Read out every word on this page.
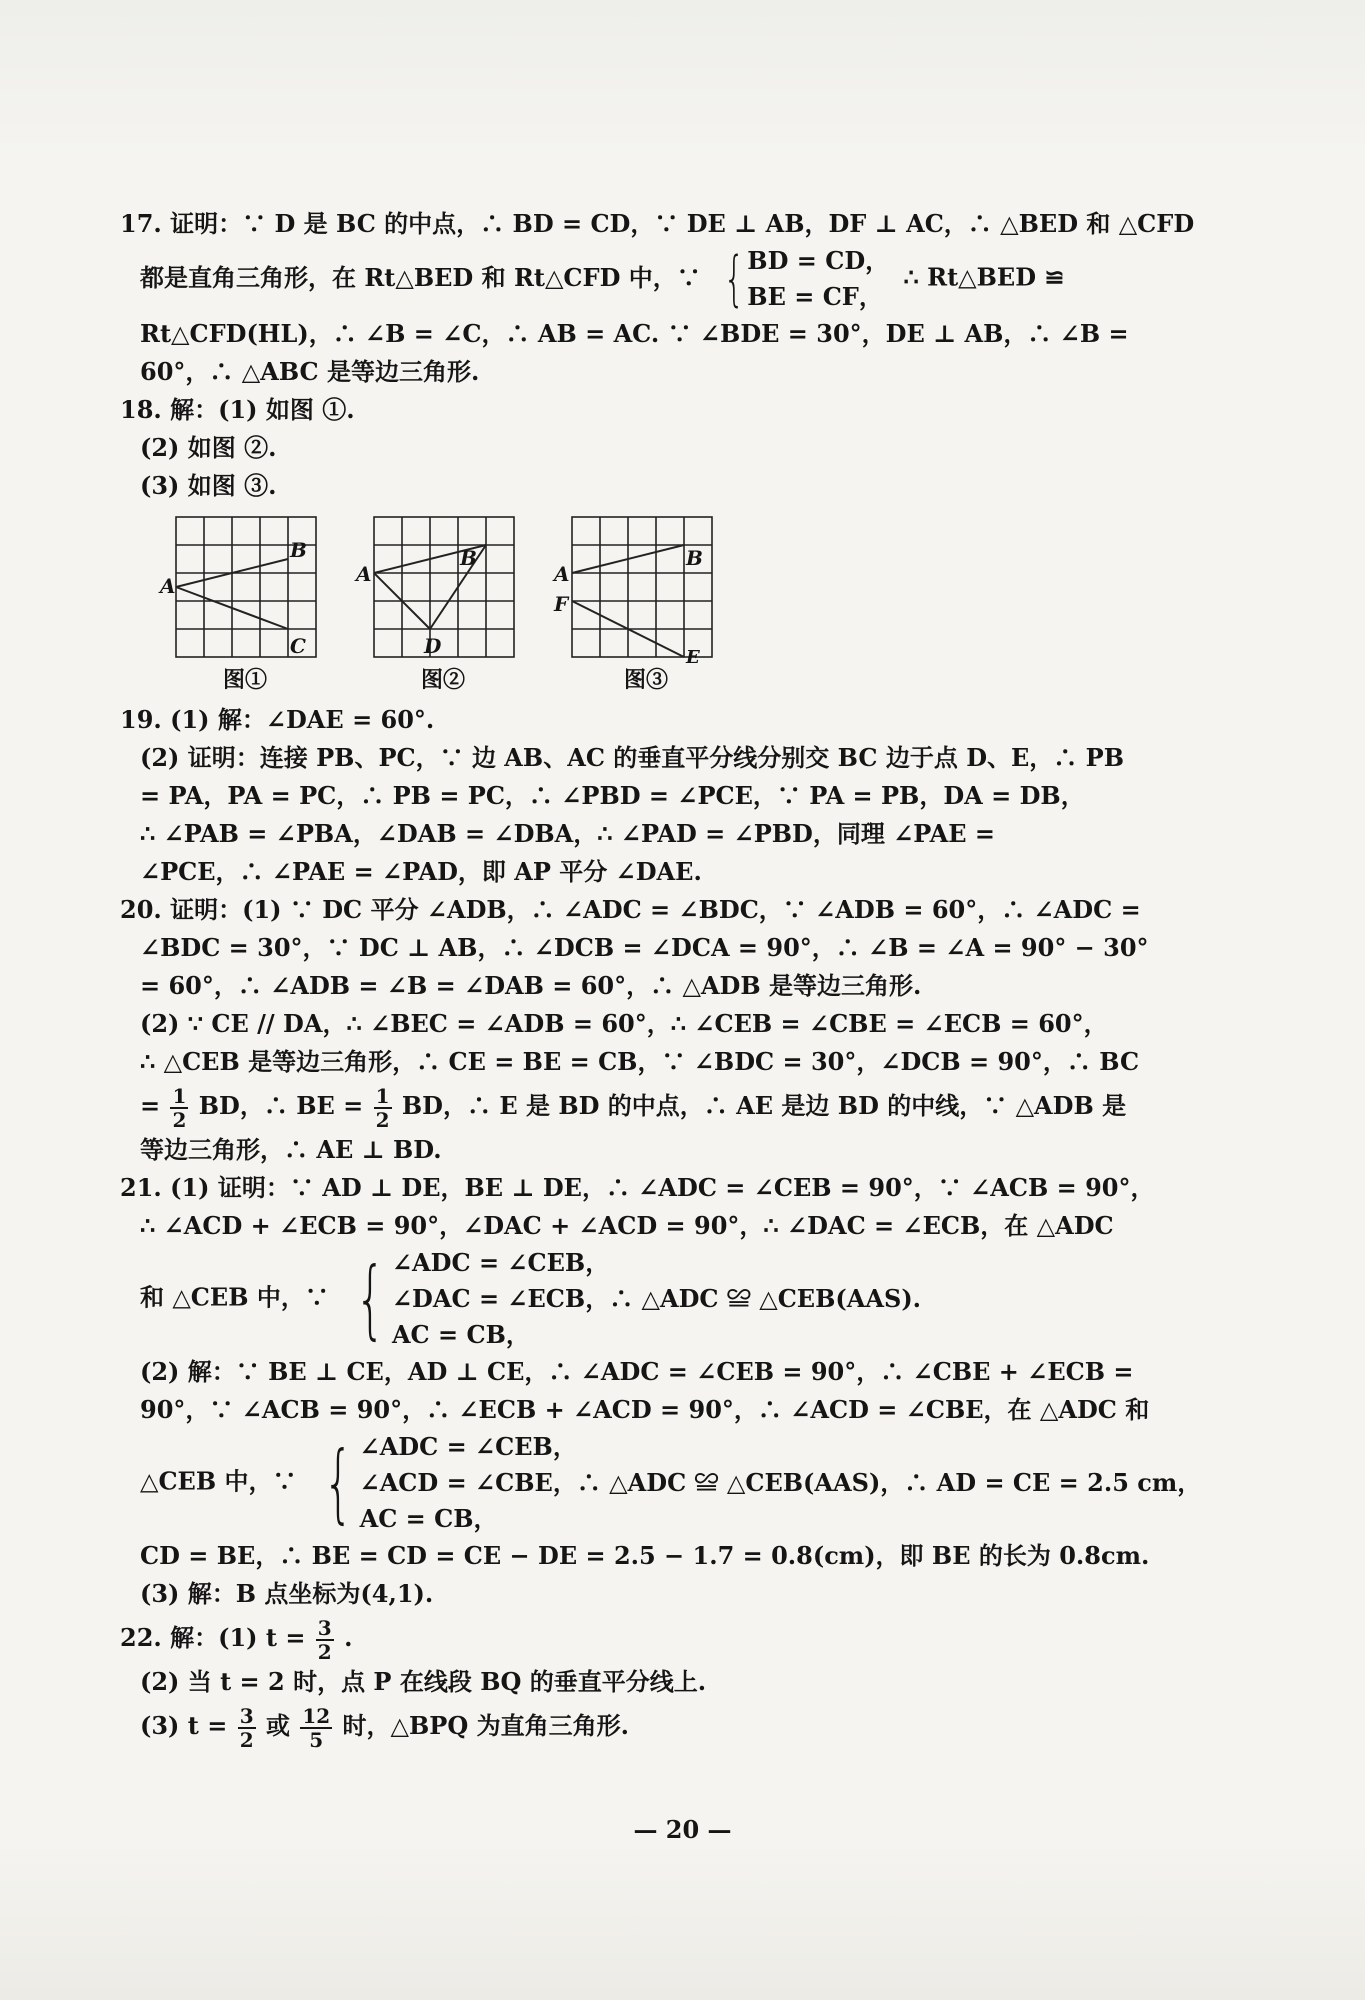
17. 证明：∵ D 是 BC 的中点，∴ BD = CD，∵ DE ⊥ AB，DF ⊥ AC，∴ △BED 和 △CFD
都是直角三角形，在 Rt△BED 和 Rt△CFD 中，∵ { BD = CD，
BE = CF，
∴ Rt△BED ≌
Rt△CFD(HL)，∴ ∠B = ∠C，∴ AB = AC. ∵ ∠BDE = 30°，DE ⊥ AB，∴ ∠B =
60°，∴ △ABC 是等边三角形.
18. 解：(1) 如图 ①.
(2) 如图 ②.
(3) 如图 ③.
A
B
C
图①
A
B
D
图②
A
B
F
E
图③
19. (1) 解：∠DAE = 60°.
(2) 证明：连接 PB、PC，∵ 边 AB、AC 的垂直平分线分别交 BC 边于点 D、E，∴ PB
= PA，PA = PC，∴ PB = PC，∴ ∠PBD = ∠PCE，∵ PA = PB，DA = DB，
∴ ∠PAB = ∠PBA，∠DAB = ∠DBA，∴ ∠PAD = ∠PBD，同理 ∠PAE =
∠PCE，∴ ∠PAE = ∠PAD，即 AP 平分 ∠DAE.
20. 证明：(1) ∵ DC 平分 ∠ADB，∴ ∠ADC = ∠BDC，∵ ∠ADB = 60°，∴ ∠ADC =
∠BDC = 30°，∵ DC ⊥ AB，∴ ∠DCB = ∠DCA = 90°，∴ ∠B = ∠A = 90° − 30°
= 60°，∴ ∠ADB = ∠B = ∠DAB = 60°，∴ △ADB 是等边三角形.
(2) ∵ CE // DA，∴ ∠BEC = ∠ADB = 60°，∴ ∠CEB = ∠CBE = ∠ECB = 60°，
∴ △CEB 是等边三角形，∴ CE = BE = CB，∵ ∠BDC = 30°，∠DCB = 90°，∴ BC
= $\frac{1}{2}$ BD，∴ BE = $\frac{1}{2}$ BD，∴ E 是 BD 的中点，∴ AE 是边 BD 的中线，∵ △ADB 是
等边三角形，∴ AE ⊥ BD.
21. (1) 证明：∵ AD ⊥ DE，BE ⊥ DE，∴ ∠ADC = ∠CEB = 90°，∵ ∠ACB = 90°，
∴ ∠ACD + ∠ECB = 90°，∠DAC + ∠ACD = 90°，∴ ∠DAC = ∠ECB，在 △ADC
和 △CEB 中，∵ { ∠ADC = ∠CEB，
∠DAC = ∠ECB，∴ △ADC ≌ △CEB(AAS).
AC = CB，
(2) 解：∵ BE ⊥ CE，AD ⊥ CE，∴ ∠ADC = ∠CEB = 90°，∴ ∠CBE + ∠ECB =
90°，∵ ∠ACB = 90°，∴ ∠ECB + ∠ACD = 90°，∴ ∠ACD = ∠CBE，在 △ADC 和
△CEB 中，∵ { ∠ADC = ∠CEB，
∠ACD = ∠CBE，∴ △ADC ≌ △CEB(AAS)，∴ AD = CE = 2.5 cm，
AC = CB，
CD = BE，∴ BE = CD = CE − DE = 2.5 − 1.7 = 0.8(cm)，即 BE 的长为 0.8cm.
(3) 解：B 点坐标为(4,1).
22. 解：(1) $t = \frac{3}{2}$ .
(2) 当 t = 2 时，点 P 在线段 BQ 的垂直平分线上.
(3) $t = \frac{3}{2}$ 或 $\frac{12}{5}$ 时，△BPQ 为直角三角形.
— 20 —
